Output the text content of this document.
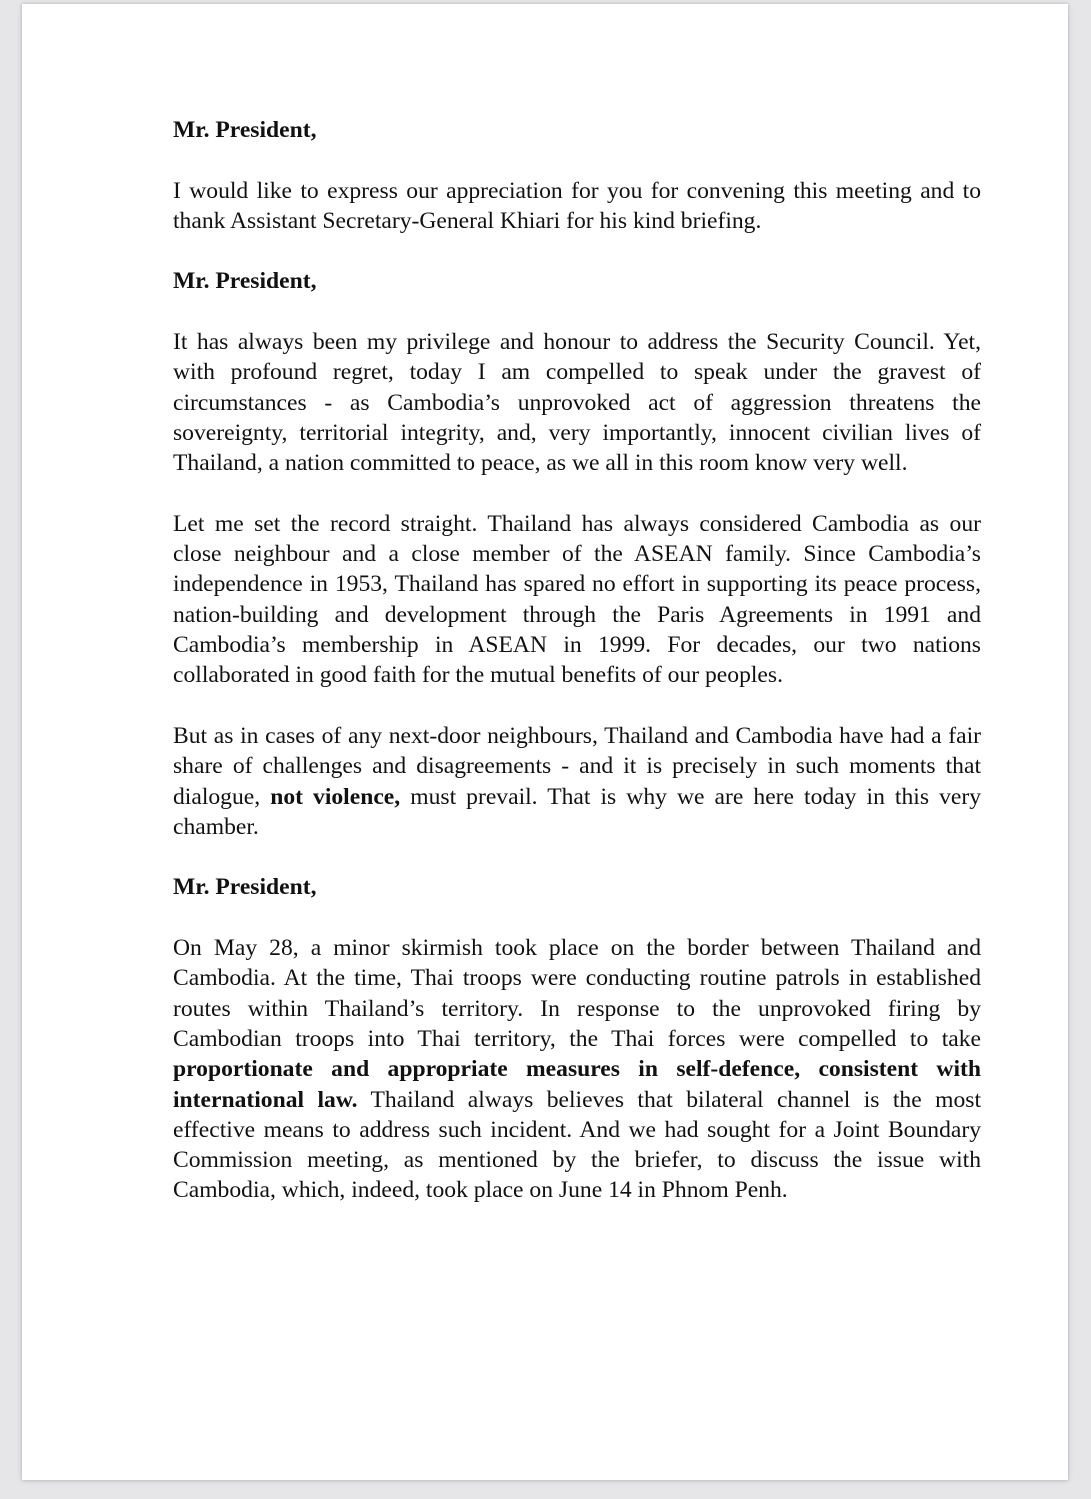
Mr. President,

I would like to express our appreciation for you for convening this meeting and to thank Assistant Secretary-General Khiari for his kind briefing.

Mr. President,

It has always been my privilege and honour to address the Security Council. Yet, with profound regret, today I am compelled to speak under the gravest of circumstances - as Cambodia’s unprovoked act of aggression threatens the sovereignty, territorial integrity, and, very importantly, innocent civilian lives of Thailand, a nation committed to peace, as we all in this room know very well.

Let me set the record straight. Thailand has always considered Cambodia as our close neighbour and a close member of the ASEAN family. Since Cambodia’s independence in 1953, Thailand has spared no effort in supporting its peace process, nation-building and development through the Paris Agreements in 1991 and Cambodia’s membership in ASEAN in 1999. For decades, our two nations collaborated in good faith for the mutual benefits of our peoples.

But as in cases of any next-door neighbours, Thailand and Cambodia have had a fair share of challenges and disagreements - and it is precisely in such moments that dialogue, not violence, must prevail. That is why we are here today in this very chamber.

Mr. President,

On May 28, a minor skirmish took place on the border between Thailand and Cambodia. At the time, Thai troops were conducting routine patrols in established routes within Thailand’s territory. In response to the unprovoked firing by Cambodian troops into Thai territory, the Thai forces were compelled to take proportionate and appropriate measures in self-defence, consistent with international law. Thailand always believes that bilateral channel is the most effective means to address such incident. And we had sought for a Joint Boundary Commission meeting, as mentioned by the briefer, to discuss the issue with Cambodia, which, indeed, took place on June 14 in Phnom Penh.
